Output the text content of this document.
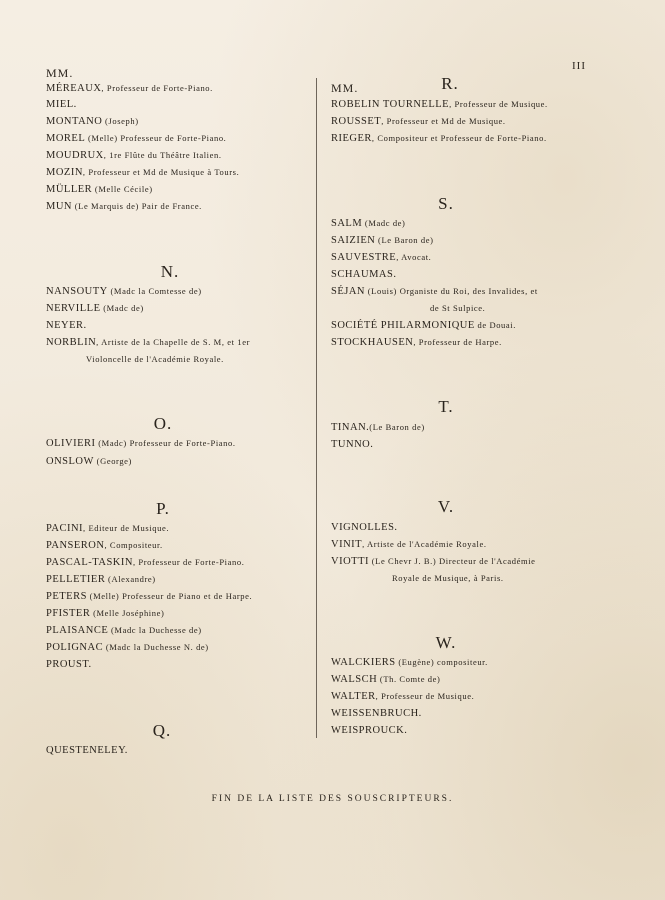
III
MM.
MM.
MÉREAUX, Professeur de Forte-Piano.
MIEL.
MONTANO (Joseph)
MOREL (Melle) Professeur de Forte-Piano.
MOUDRUX, 1re Flûte du Théâtre Italien.
MOZIN, Professeur et Md de Musique à Tours.
MÜLLER (Melle Cécile)
MUN (Le Marquis de) Pair de France.
N.
NANSOUTY (Madc la Comtesse de)
NERVILLE (Madc de)
NEYER.
NORBLIN, Artiste de la Chapelle de S. M, et 1er
Violoncelle de l'Académie Royale.
O.
OLIVIERI (Madc) Professeur de Forte-Piano.
ONSLOW (George)
P.
PACINI, Editeur de Musique.
PANSERON, Compositeur.
PASCAL-TASKIN, Professeur de Forte-Piano.
PELLETIER (Alexandre)
PETERS (Melle) Professeur de Piano et de Harpe.
PFISTER (Melle Joséphine)
PLAISANCE (Madc la Duchesse de)
POLIGNAC (Madc la Duchesse N. de)
PROUST.
Q.
QUESTENELEY.
R.
ROBELIN TOURNELLE, Professeur de Musique.
ROUSSET, Professeur et Md de Musique.
RIEGER, Compositeur et Professeur de Forte-Piano.
S.
SALM (Madc de)
SAIZIEN (Le Baron de)
SAUVESTRE, Avocat.
SCHAUMAS.
SÉJAN (Louis) Organiste du Roi, des Invalides, et
de St Sulpice.
SOCIÉTÉ PHILARMONIQUE de Douai.
STOCKHAUSEN, Professeur de Harpe.
T.
TINAN.(Le Baron de)
TUNNO.
V.
VIGNOLLES.
VINIT, Artiste de l'Académie Royale.
VIOTTI (Le Chevr J. B.) Directeur de l'Académie
Royale de Musique, à Paris.
W.
WALCKIERS (Eugène) compositeur.
WALSCH (Th. Comte de)
WALTER, Professeur de Musique.
WEISSENBRUCH.
WEISPROUCK.
FIN DE LA LISTE DES SOUSCRIPTEURS.
